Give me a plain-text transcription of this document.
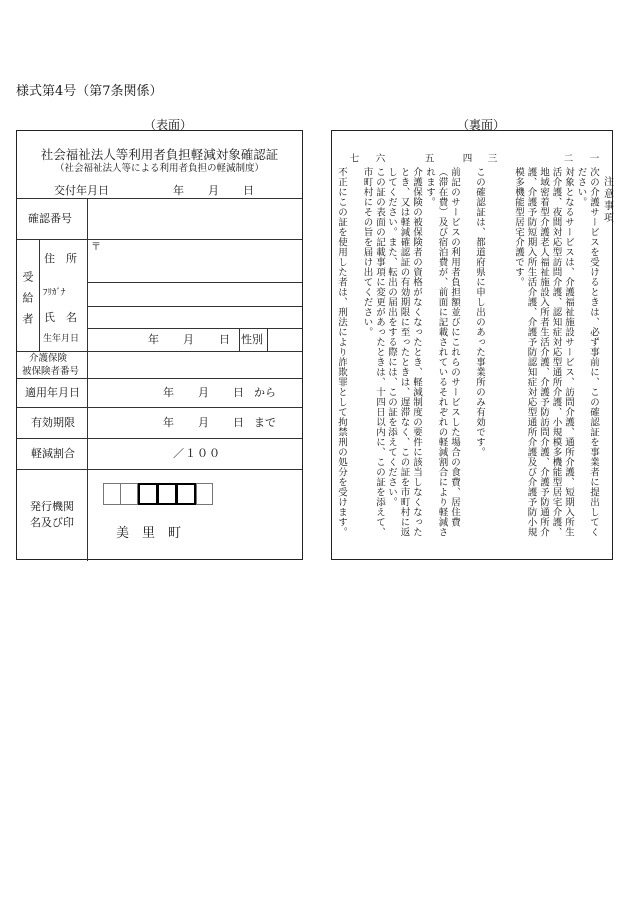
様式第4号（第7条関係）
（表面）	（裏面）
社会福祉法人等利用者負担軽減対象確認証
（社会福祉法人等による利用者負担の軽減制度）
交付年月日	年 月 日
確認番号
受給者
住　所
〒
ﾌﾘｶﾞﾅ
氏　名
生年月日	年 月 日 性別
介護保険
被保険者番号
適用年月日	年 月 日 から
有効期限	年 月 日 まで
軽減割合	／１００
発行機関
名及び印
美　里　町
注意事項
一
次の介護サービスを受けるときは、必ず事前に、この確認証を事業者に提出してください。
二
対象となるサービスは、介護福祉施設サービス、訪問介護、通所介護、短期入所生活介護、夜間対応型訪問介護、認知症対応型通所介護、小規模多機能型居宅介護、地域密着型介護老人福祉施設入所者生活介護、介護予防訪問介護、介護予防通所介護、介護予防短期入所生活介護、介護予防認知症対応型通所介護及び介護予防小規模多機能型居宅介護です。
三
この確認証は、都道府県に申し出のあった事業所のみ有効です。
四
前記のサービスの利用者負担額並びにこれらのサービスした場合の食費、居住費（滞在費）及び宿泊費が、前面に記載されているそれぞれの軽減割合により軽減されます。
五
介護保険の被保険者の資格がなくなったとき、軽減制度の要件に該当しなくなったとき、又は軽減確認証の有効期限に至ったときは、遅滞なく、この証を市町村に返してください。また、転出の届出をする際には、この証を添えてください。
六
この証の表面の記載事項に変更があったときは、十四日以内に、この証を添えて、市町村にその旨を届け出てください。
七
不正にこの証を使用した者は、刑法により詐欺罪として拘禁刑の処分を受けます。
